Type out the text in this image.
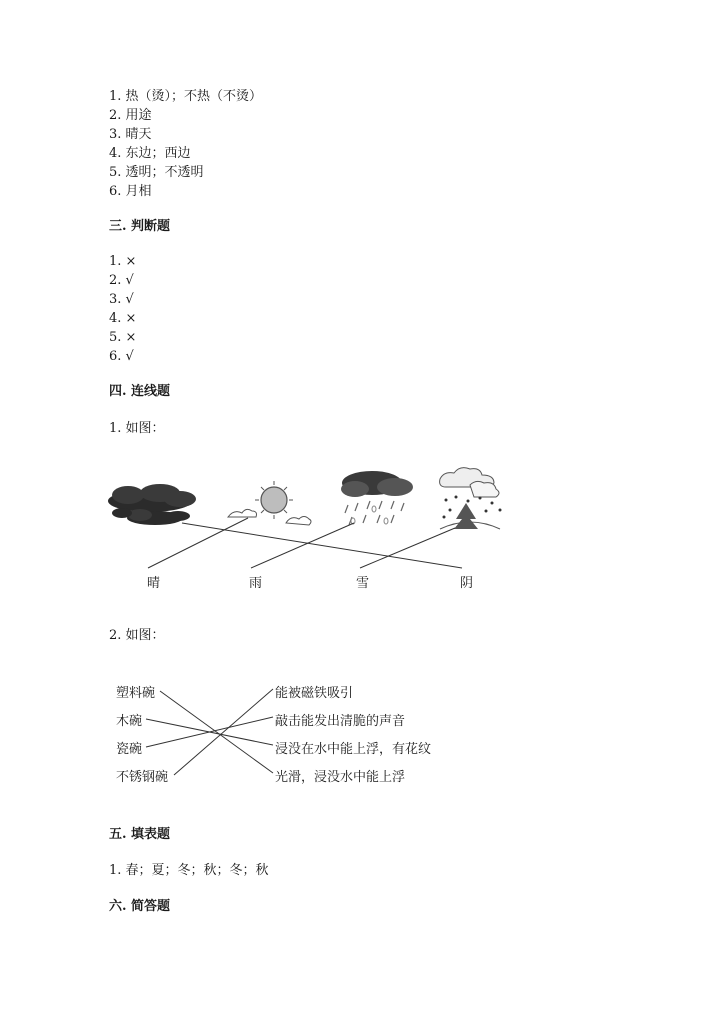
1. 热（烫）；不热（不烫）
2. 用途
3. 晴天
4. 东边；西边
5. 透明；不透明
6. 月相
三. 判断题
1. ×
2. √
3. √
4. ×
5. ×
6. √
四. 连线题
1. 如图：
晴	雨	雪	阴
2. 如图：
塑料碗
木碗
瓷碗
不锈钢碗
能被磁铁吸引
敲击能发出清脆的声音
浸没在水中能上浮，有花纹
光滑，浸没水中能上浮
五. 填表题
1. 春；夏；冬；秋；冬；秋
六. 简答题
